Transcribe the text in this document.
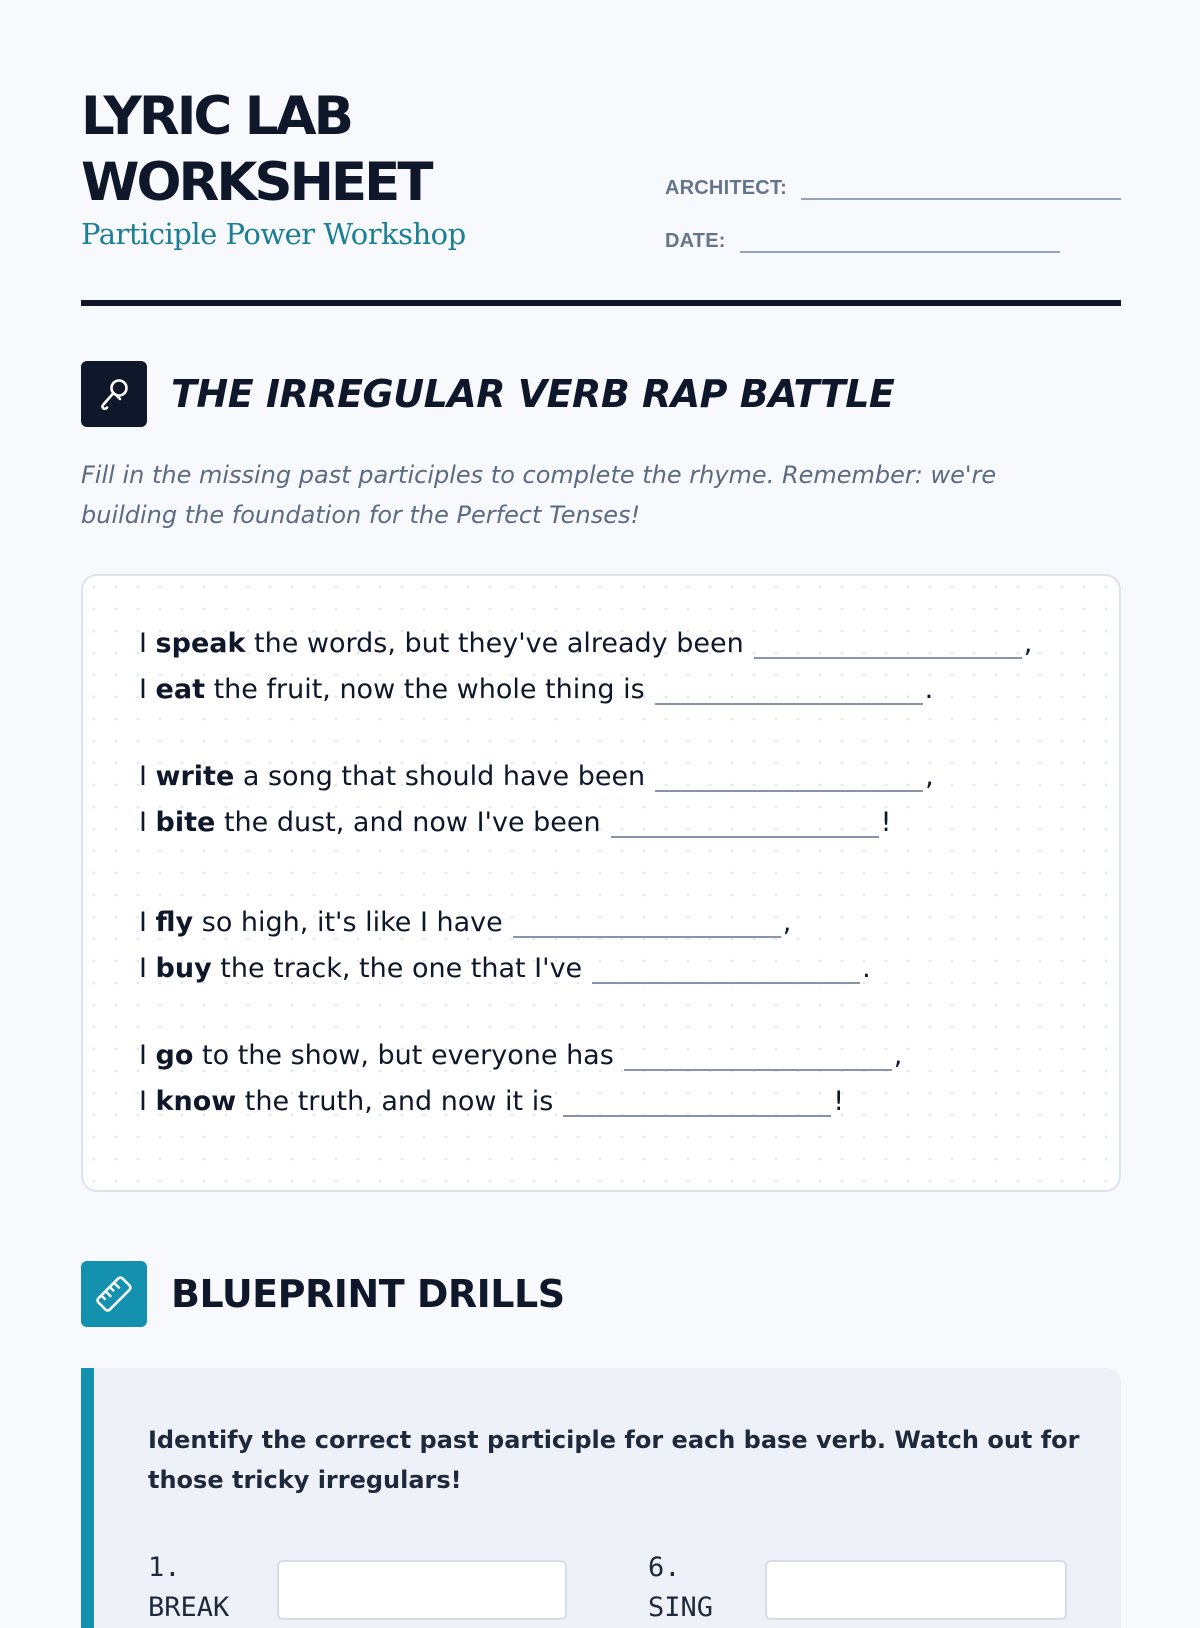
LYRIC LAB
WORKSHEET
Participle Power Workshop
ARCHITECT:
DATE:
THE IRREGULAR VERB RAP BATTLE
Fill in the missing past participles to complete the rhyme. Remember: we're building the foundation for the Perfect Tenses!
I speak the words, but they've already been	,
I eat the fruit, now the whole thing is	.
I write a song that should have been	,
I bite the dust, and now I've been	!
I fly so high, it's like I have	,
I buy the track, the one that I've	.
I go to the show, but everyone has	,
I know the truth, and now it is	!
BLUEPRINT DRILLS
Identify the correct past participle for each base verb. Watch out for those tricky irregulars!
1.
BREAK
6.
SING
